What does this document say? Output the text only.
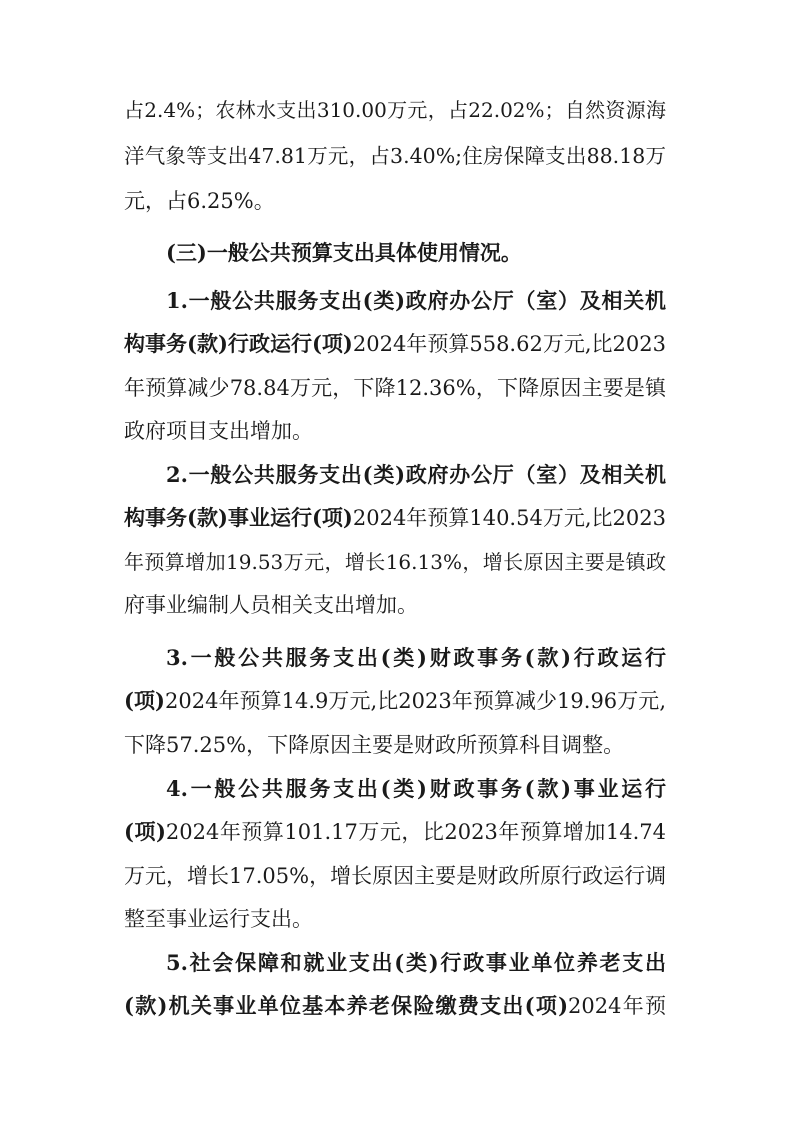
占2.4%；农林水支出310.00万元，占22.02%；自然资源海
洋气象等支出47.81万元，占3.40%;住房保障支出88.18万
元，占6.25%。
(三)一般公共预算支出具体使用情况。
1.一般公共服务支出(类)政府办公厅（室）及相关机
构事务(款)行政运行(项)2024年预算558.62万元,比2023
年预算减少78.84万元，下降12.36%，下降原因主要是镇
政府项目支出增加。
2.一般公共服务支出(类)政府办公厅（室）及相关机
构事务(款)事业运行(项)2024年预算140.54万元,比2023
年预算增加19.53万元，增长16.13%，增长原因主要是镇政
府事业编制人员相关支出增加。
3.一般公共服务支出(类)财政事务(款)行政运行
(项)2024年预算14.9万元,比2023年预算减少19.96万元,
下降57.25%，下降原因主要是财政所预算科目调整。
4.一般公共服务支出(类)财政事务(款)事业运行
(项)2024年预算101.17万元，比2023年预算增加14.74
万元，增长17.05%，增长原因主要是财政所原行政运行调
整至事业运行支出。
5.社会保障和就业支出(类)行政事业单位养老支出
(款)机关事业单位基本养老保险缴费支出(项)2024年预
